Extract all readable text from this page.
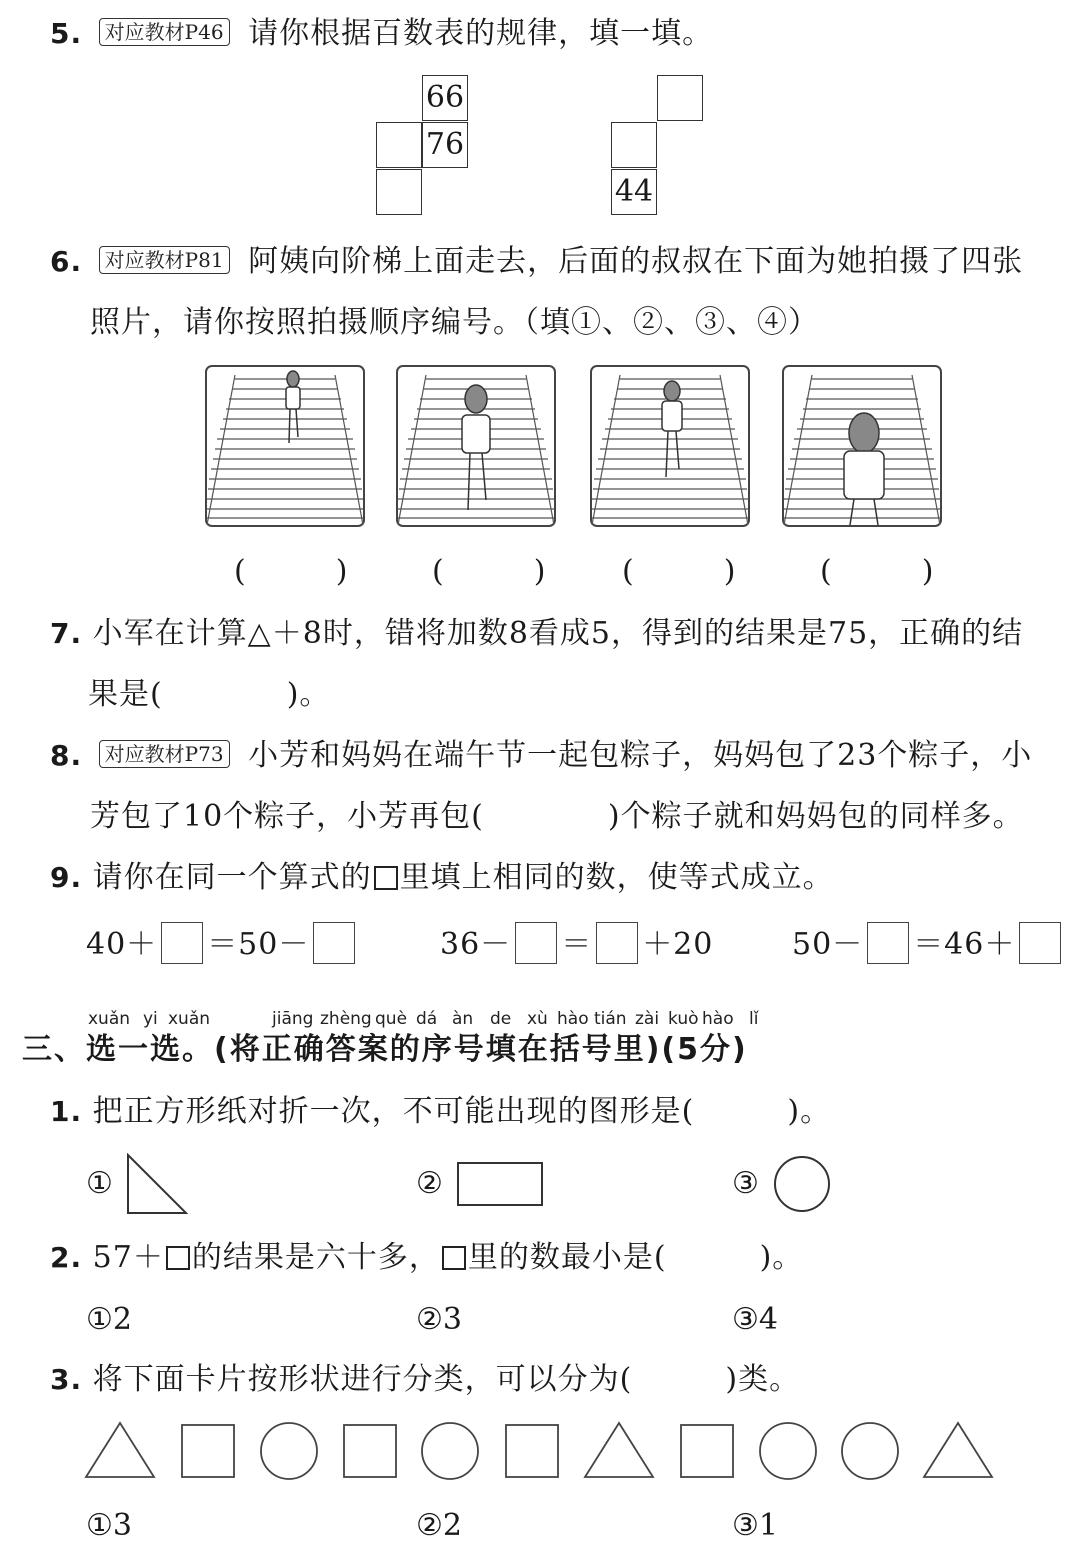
5. 对应教材P46 请你根据百数表的规律，填一填。
66
76
44
6. 对应教材P81 阿姨向阶梯上面走去，后面的叔叔在下面为她拍摄了四张
照片，请你按照拍摄顺序编号。（填①、②、③、④）
(　　　)	(　　　)	(　　　)	(　　　)
7. 小军在计算△＋8时，错将加数8看成5，得到的结果是75，正确的结
果是(　　　　)。
8. 对应教材P73 小芳和妈妈在端午节一起包粽子，妈妈包了23个粽子，小
芳包了10个粽子，小芳再包(　　　　)个粽子就和妈妈包的同样多。
9. 请你在同一个算式的 里填上相同的数，使等式成立。
40＋ ＝50－	36－ ＝ ＋20	50－ ＝46＋
xuǎn yi xuǎn	jiāng zhèng què dá àn de xù hào tián zài kuò hào lǐ
三、选一选。(将正确答案的序号填在括号里)(5分)
1. 把正方形纸对折一次，不可能出现的图形是(　　　)。
①	②	③
2. 57＋ 的结果是六十多， 里的数最小是(　　　)。
①2	②3	③4
3. 将下面卡片按形状进行分类，可以分为(　　　)类。
①3	②2	③1
